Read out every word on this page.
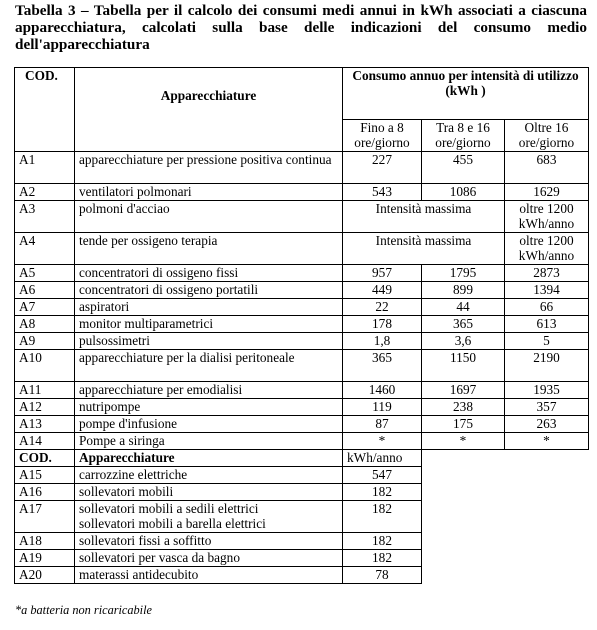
Tabella 3 – Tabella per il calcolo dei consumi medi annui in kWh associati a ciascuna apparecchiatura, calcolati sulla base delle indicazioni del consumo medio dell'apparecchiatura

COD.	Apparecchiature	Consumo annuo per intensità di utilizzo
(kWh )		

		Fino a 8 ore/giorno	Tra 8 e 16 ore/giorno	Oltre 16 ore/giorno
A1	apparecchiature per pressione positiva continua	227	455	683
A2	ventilatori polmonari	543	1086	1629
A3	polmoni d'acciao	Intensità massima		oltre 1200 kWh/anno
A4	tende per ossigeno terapia	Intensità massima		oltre 1200 kWh/anno
A5	concentratori di ossigeno fissi	957	1795	2873
A6	concentratori di ossigeno portatili	449	899	1394
A7	aspiratori	22	44	66
A8	monitor multiparametrici	178	365	613
A9	pulsossimetri	1,8	3,6	5
A10	apparecchiature per la dialisi peritoneale	365	1150	2190
A11	apparecchiature per emodialisi	1460	1697	1935
A12	nutripompe	119	238	357
A13	pompe d'infusione	87	175	263
A14	Pompe a siringa	*	*	*
COD.	Apparecchiature	kWh/anno		
A15	carrozzine elettriche	547		
A16	sollevatori mobili	182		
A17	sollevatori mobili a sedili elettrici
sollevatori mobili a barella elettrici	182		
A18	sollevatori fissi a soffitto	182		
A19	sollevatori per vasca da bagno	182		
A20	materassi antidecubito	78		

*a batteria non ricaricabile
